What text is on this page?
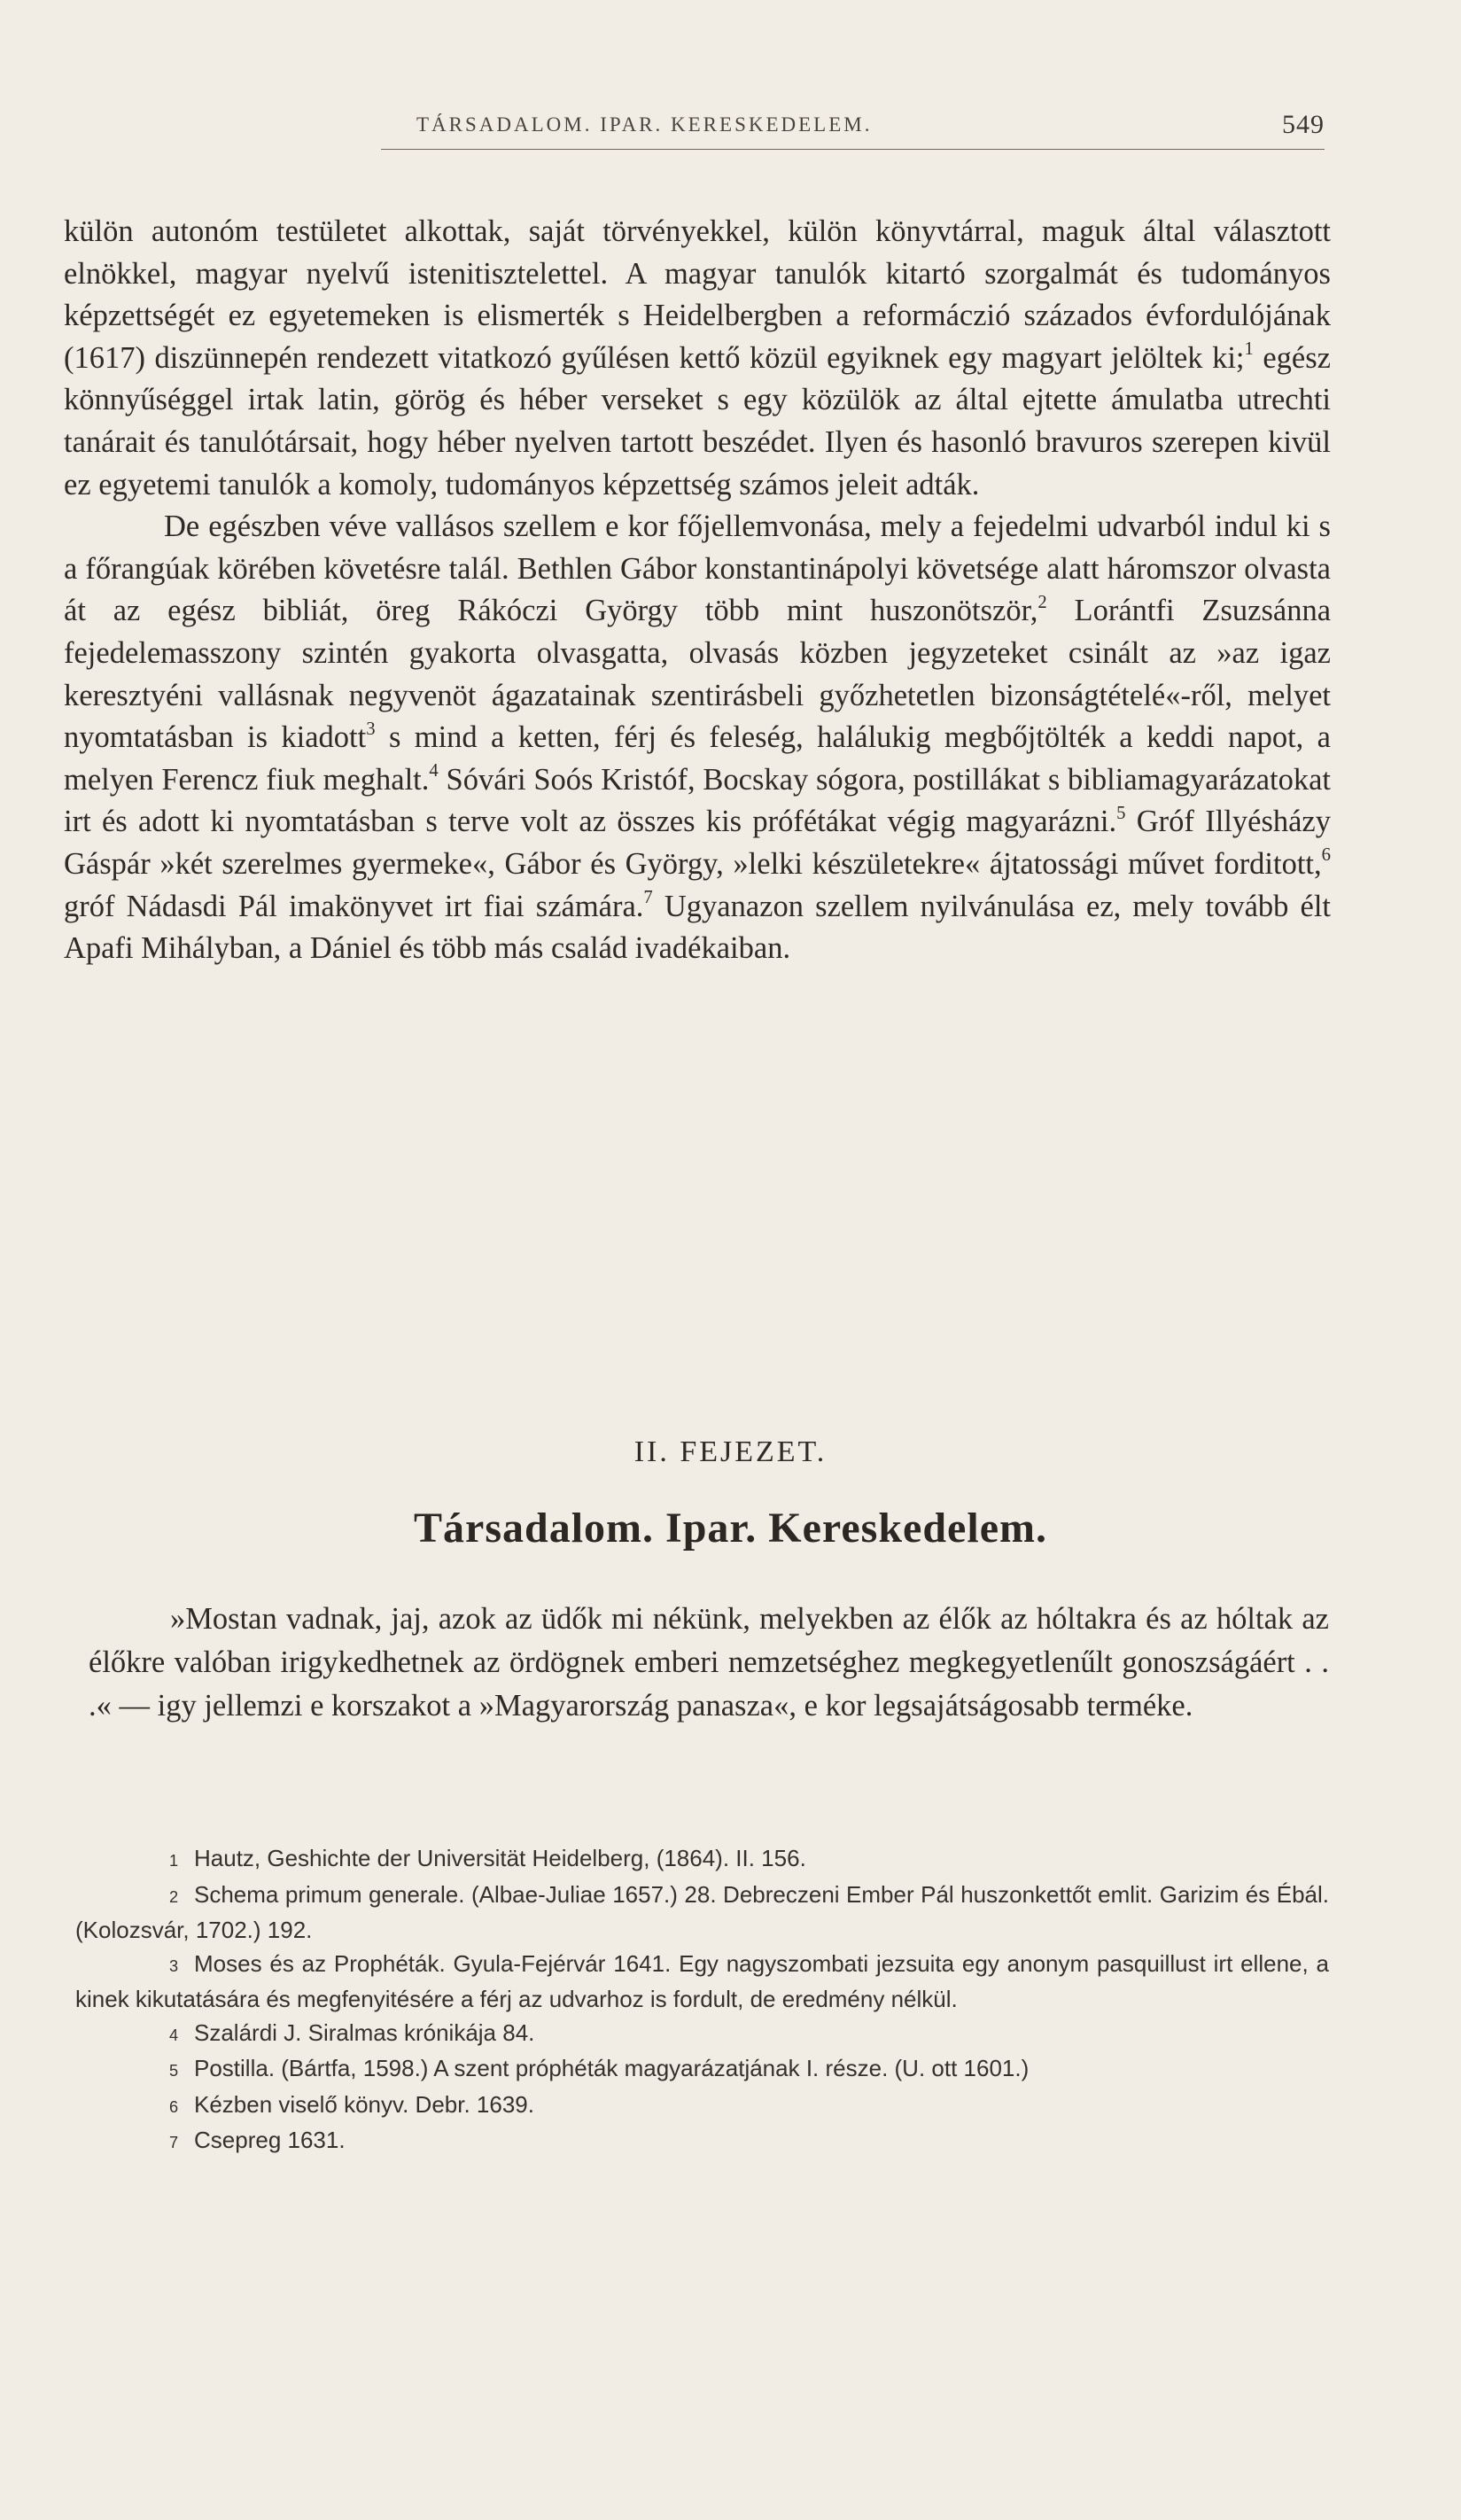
TÁRSADALOM. IPAR. KERESKEDELEM.	549

külön autonóm testületet alkottak, saját törvényekkel, külön könyvtárral, maguk által választott elnökkel, magyar nyelvű istenitisztelettel. A magyar tanulók kitartó szorgalmát és tudományos képzettségét ez egyetemeken is elismerték s Heidelbergben a reformáczió százados évfordulójának (1617) diszünnepén rendezett vitatkozó gyűlésen kettő közül egyiknek egy magyart jelöltek ki;$^1$ egész könnyűséggel irtak latin, görög és héber verseket s egy közülök az által ejtette ámulatba utrechti tanárait és tanulótársait, hogy héber nyelven tartott beszédet. Ilyen és hasonló bravuros szerepen kivül ez egyetemi tanulók a komoly, tudományos képzettség számos jeleit adták.

De egészben véve vallásos szellem e kor főjellemvonása, mely a fejedelmi udvarból indul ki s a főrangúak körében követésre talál. Bethlen Gábor konstantinápolyi követsége alatt háromszor olvasta át az egész bibliát, öreg Rákóczi György több mint huszonötször,$^2$ Lorántfi Zsuzsánna fejedelemasszony szintén gyakorta olvasgatta, olvasás közben jegyzeteket csinált az »az igaz keresztyéni vallásnak negyvenöt ágazatainak szentirásbeli győzhetetlen bizonságtételé«-ről, melyet nyomtatásban is kiadott$^3$ s mind a ketten, férj és feleség, halálukig megbőjtölték a keddi napot, a melyen Ferencz fiuk meghalt.$^4$ Sóvári Soós Kristóf, Bocskay sógora, postillákat s bibliamagyarázatokat irt és adott ki nyomtatásban s terve volt az összes kis prófétákat végig magyarázni.$^5$ Gróf Illyésházy Gáspár »két szerelmes gyermeke«, Gábor és György, »lelki készületekre« ájtatossági művet forditott,$^6$ gróf Nádasdi Pál imakönyvet irt fiai számára.$^7$ Ugyanazon szellem nyilvánulása ez, mely tovább élt Apafi Mihályban, a Dániel és több más család ivadékaiban.

II. FEJEZET.
Társadalom. Ipar. Kereskedelem.

»Mostan vadnak, jaj, azok az üdők mi nékünk, melyekben az élők az hóltakra és az hóltak az élőkre valóban irigykedhetnek az ördögnek emberi nemzetséghez megkegyetlenűlt gonoszságáért . . .« — igy jellemzi e korszakot a »Magyarország panasza«, e kor legsajátságosabb terméke.

1 Hautz, Geshichte der Universität Heidelberg, (1864). II. 156.

2 Schema primum generale. (Albae-Juliae 1657.) 28. Debreczeni Ember Pál huszonkettőt emlit. Garizim és Ébál. (Kolozsvár, 1702.) 192.

3 Moses és az Prophéták. Gyula-Fejérvár 1641. Egy nagyszombati jezsuita egy anonym pasquillust irt ellene, a kinek kikutatására és megfenyitésére a férj az udvarhoz is fordult, de eredmény nélkül.

4 Szalárdi J. Siralmas krónikája 84.

5 Postilla. (Bártfa, 1598.) A szent próphéták magyarázatjának I. része. (U. ott 1601.)

6 Kézben viselő könyv. Debr. 1639.

7 Csepreg 1631.
